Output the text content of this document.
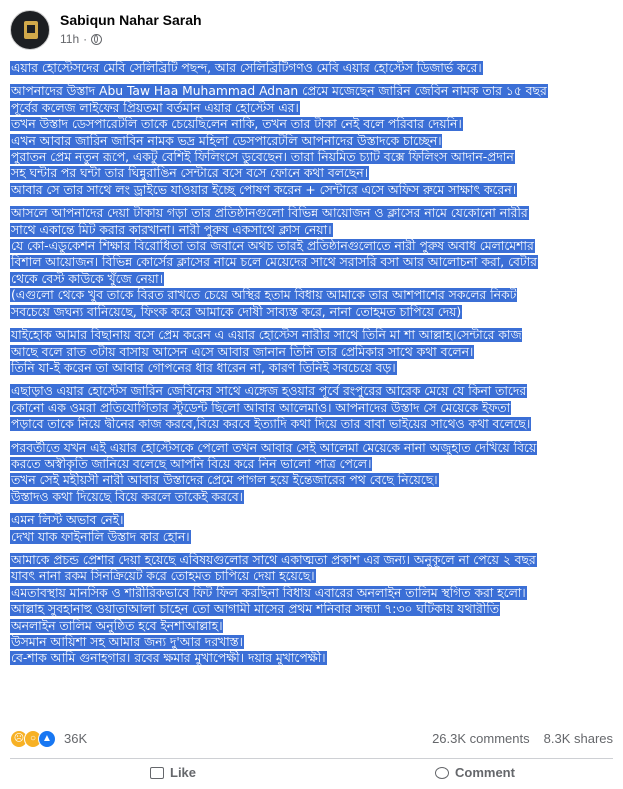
Sabiqun Nahar Sarah
11h ·
এয়ার হোস্টেসদের মেবি সেলিব্রিটি পছন্দ, আর সেলিব্রিটিগণও মেবি এয়ার হোস্টেস ডিজার্ভ করে।
আপনাদের উস্তাদ Abu Taw Haa Muhammad Adnan প্রেমে মজেছেন জারিন জেবিন নামক তার ১৫ বছর
পূর্বের কলেজ লাইফের প্রিয়তমা বর্তমান এয়ার হোস্টেস এর।
তখন উস্তাদ ডেসপারেটলি তাকে চেয়েছিলেন নাকি, তখন তার টাকা নেই বলে পরিবার দেয়নি।
এখন আবার জারিন জাবিন নামক ভদ্র মহিলা ডেসপারেটলি আপনাদের উস্তাদকে চাচ্ছেন।
পুরাতন প্রেম নতুন রূপে, একটু বেশিই ফিলিংসে ডুবেছেন। তারা নিয়মিত চ্যাট বক্সে ফিলিংস আদান-প্রদান
সহ ঘন্টার পর ঘন্টা তার ঘিন্নুরাঙিন সেন্টারে বসে বসে ফোনে কথা বলছেন।
আবার সে তার সাথে লং ড্রাইভে যাওয়ার ইচ্ছে পোষণ করেন + সেন্টারে এসে অফিস রুমে সাক্ষাৎ করেন।
আসলে আপনাদের দেয়া টাকায় গড়া তার প্রতিষ্ঠানগুলো বিভিন্ন আয়োজন ও ক্লাসের নামে যেকোনো নারীর
সাথে একান্তে মিট করার কারখানা। নারী পুরুষ একসাথে ক্লাস নেয়া।
যে কো-এডুকেশন শিক্ষার বিরোধিতা তার জবানে অথচ তারই প্রতিষ্ঠানগুলোতে নারী পুরুষ অবাধ মেলামেশার
বিশাল আয়োজন। বিভিন্ন কোর্সের ক্লাসের নামে চলে মেয়েদের সাথে সরাসরি বসা আর আলোচনা করা, বেটার
থেকে বেস্ট কাউকে খুঁজে নেয়া।
(এগুলো থেকে খুব তাকে বিরত রাখতে চেয়ে অস্থির হতাম বিধায় আমাকে তার আশপাশের সকলের নিকট
সবচেয়ে জঘন্য বানিয়েছে, ফিংক করে আমাকে দোষী সাব্যস্ত করে, নানা তোহমত চাপিয়ে দেয়)
যাইহোক আমার বিছানায় বসে প্রেম করেন এ এয়ার হোস্টেস নারীর সাথে তিনি মা শা আল্লাহ।সেন্টারে কাজ
আছে বলে রাত ৩টায় বাসায় আসেন এসে আবার জানান তিনি তার প্রেমিকার সাথে কথা বলেন।
তিনি যা-ই করেন তা আবার গোপনের ধার ধারেন না, কারণ তিনিই সবচেয়ে বড়।
এছাড়াও এয়ার হোস্টেস জারিন জেবিনের সাথে এঙ্গেজ হওয়ার পূর্বে রংপুরের আরেক মেয়ে যে কিনা তাদের
কোনো এক ওমরা প্রতিযোগিতার স্টুডেন্ট ছিলো আবার আলেমাও। আপনাদের উস্তাদ সে মেয়েকে ইফতা
পড়াবে তাকে নিয়ে দ্বীনের কাজ করবে,বিয়ে করবে ইত্যাদি কথা দিয়ে তার বাবা ভাইয়ের সাথেও কথা বলেছে।
পরবর্তীতে যখন এই এয়ার হোস্টেসকে পেলো তখন আবার সেই আলেমা মেয়েকে নানা অজুহাত দেখিয়ে বিয়ে
করতে অস্বীকৃতি জানিয়ে বলেছে আপনি বিয়ে করে নিন ভালো পাত্র পেলে।
তখন সেই মহীয়সী নারী আবার উস্তাদের প্রেমে পাগল হয়ে ইন্তেজারের পথ বেছে নিয়েছে।
উস্তাদও কথা দিয়েছে বিয়ে করলে তাকেই করবে।
এমন লিস্ট অভাব নেই।
দেখা যাক ফাইনালি উস্তাদ কার হোন।
আমাকে প্রচন্ড প্রেশার দেয়া হয়েছে এবিষয়গুলোর সাথে একাত্মতা প্রকাশ এর জন্য। অনুকূলে না পেয়ে ২ বছর
যাবৎ নানা রকম সিনক্রিয়েট করে তোহমত চাপিয়ে দেয়া হয়েছে।
এমতাবস্থায় মানসিক ও শারীরিকভাবে ফিট ফিল করছিনা বিধায় এবারের অনলাইন তালিম স্থগিত করা হলো।
আল্লাহ সুবহানাহু ওয়াতাআলা চাহেন তো আগামী মাসের প্রথম শনিবার সন্ধ্যা ৭:৩০ ঘটিকায় যথারীতি
অনলাইন তালিম অনুষ্ঠিত হবে ইনশাআল্লাহ।
উসমান আয়িশা সহ আমার জন্য দু'আর দরখাস্ত।
বে-শাক আমি গুনাহগার। রবের ক্ষমার মুখাপেক্ষী। দয়ার মুখাপেক্ষী।
☹ ○ ▲ 36K	26.3K comments 8.3K shares
Like	Comment
